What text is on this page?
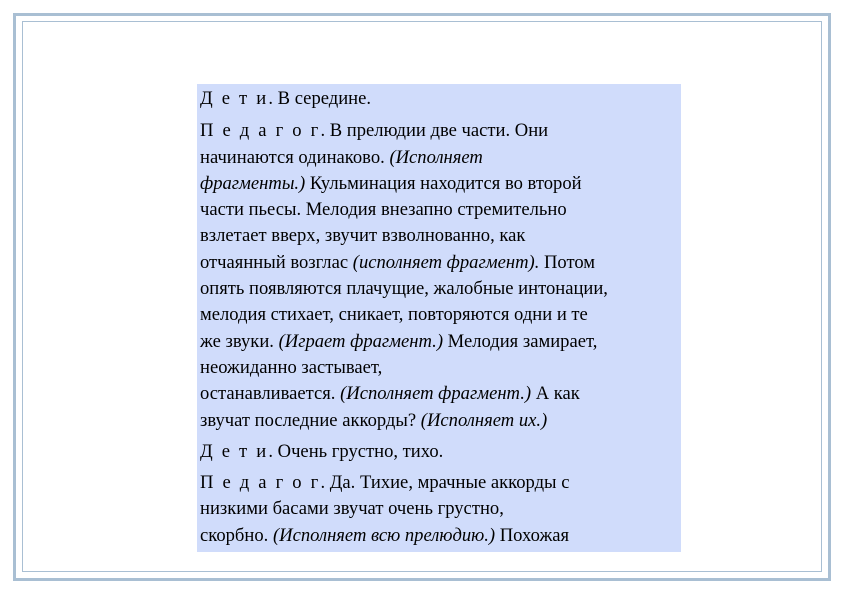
Д е т и. В середине.
П е д а г о г. В прелюдии две части. Они
начинаются одинаково. (Исполняет
фрагменты.) Кульминация находится во второй
части пьесы. Мелодия внезапно стремительно
взлетает вверх, звучит взволнованно, как
отчаянный возглас (исполняет фрагмент). Потом
опять появляются плачущие, жалобные интонации,
мелодия стихает, сникает, повторяются одни и те
же звуки. (Играет фрагмент.) Мелодия замирает,
неожиданно застывает,
останавливается. (Исполняет фрагмент.) А как
звучат последние аккорды? (Исполняет их.)
Д е т и. Очень грустно, тихо.
П е д а г о г. Да. Тихие, мрачные аккорды с
низкими басами звучат очень грустно,
скорбно. (Исполняет всю прелюдию.) Похожая
